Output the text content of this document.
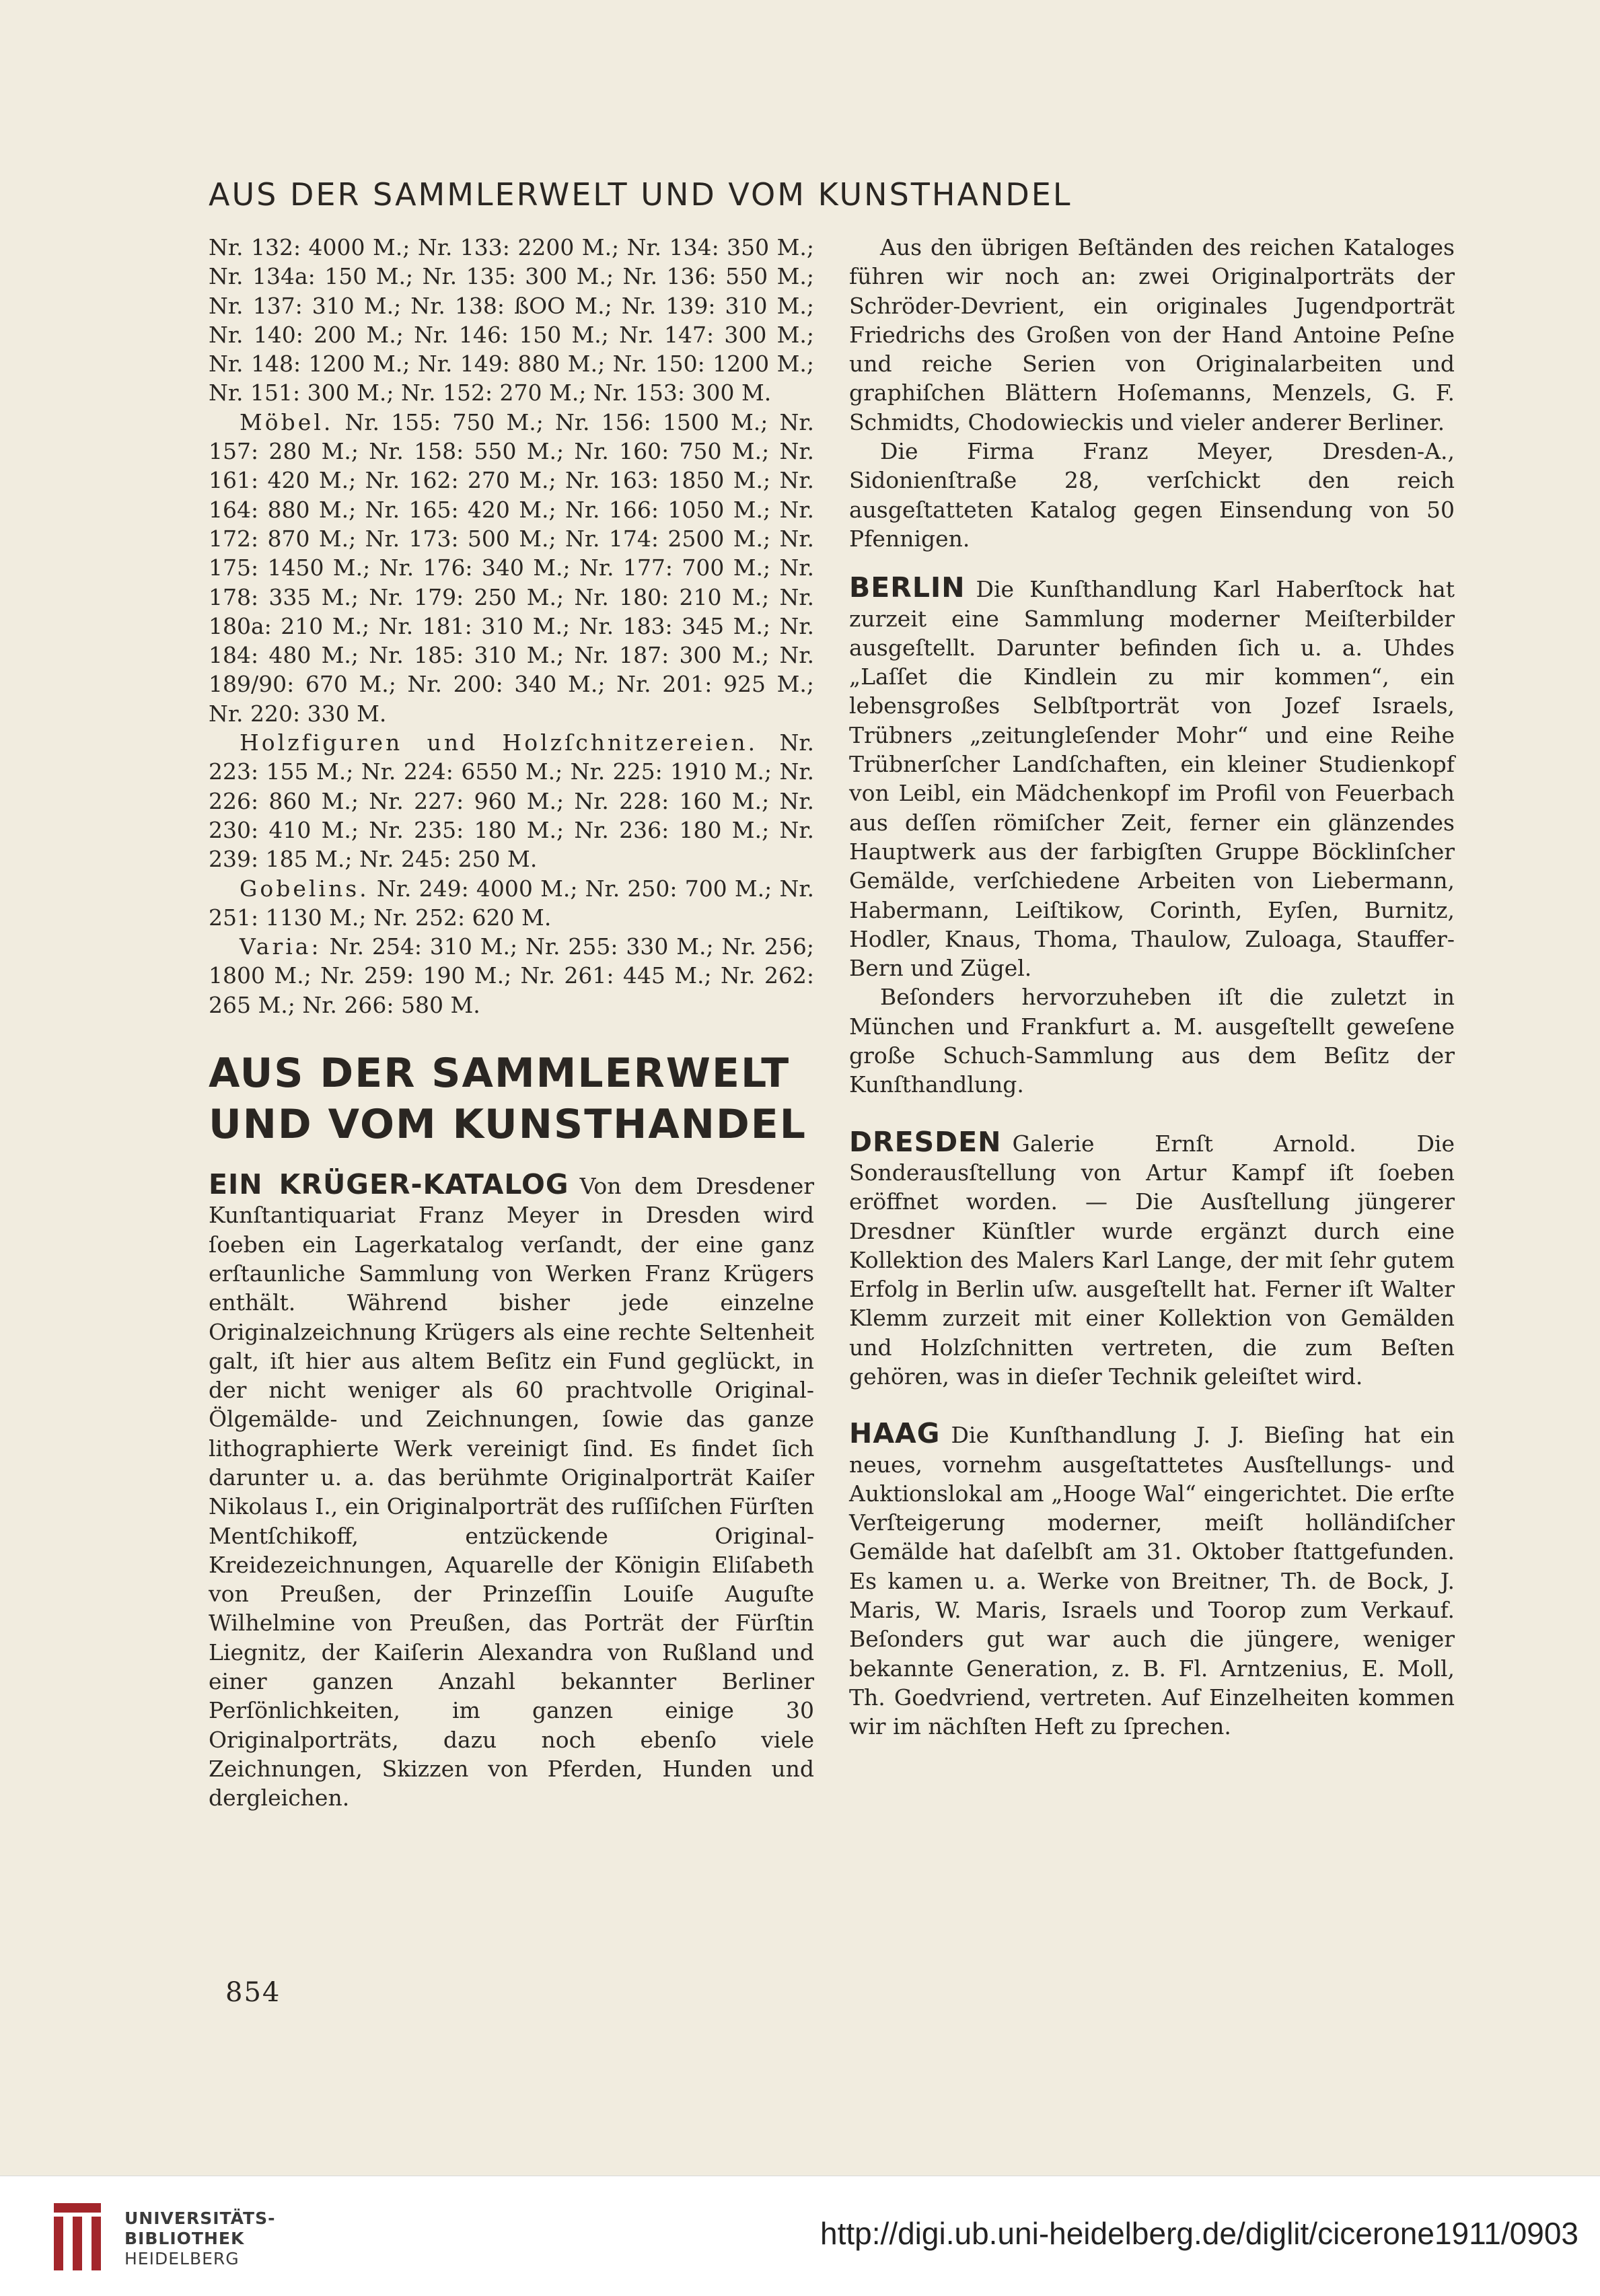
AUS DER SAMMLERWELT UND VOM KUNSTHANDEL

Nr. 132: 4000 M.; Nr. 133: 2200 M.; Nr. 134: 350 M.; Nr. 134a: 150 M.; Nr. 135: 300 M.; Nr. 136: 550 M.; Nr. 137: 310 M.; Nr. 138: ßOO M.; Nr. 139: 310 M.; Nr. 140: 200 M.; Nr. 146: 150 M.; Nr. 147: 300 M.; Nr. 148: 1200 M.; Nr. 149: 880 M.; Nr. 150: 1200 M.; Nr. 151: 300 M.; Nr. 152: 270 M.; Nr. 153: 300 M.

Möbel. Nr. 155: 750 M.; Nr. 156: 1500 M.; Nr. 157: 280 M.; Nr. 158: 550 M.; Nr. 160: 750 M.; Nr. 161: 420 M.; Nr. 162: 270 M.; Nr. 163: 1850 M.; Nr. 164: 880 M.; Nr. 165: 420 M.; Nr. 166: 1050 M.; Nr. 172: 870 M.; Nr. 173: 500 M.; Nr. 174: 2500 M.; Nr. 175: 1450 M.; Nr. 176: 340 M.; Nr. 177: 700 M.; Nr. 178: 335 M.; Nr. 179: 250 M.; Nr. 180: 210 M.; Nr. 180a: 210 M.; Nr. 181: 310 M.; Nr. 183: 345 M.; Nr. 184: 480 M.; Nr. 185: 310 M.; Nr. 187: 300 M.; Nr. 189/90: 670 M.; Nr. 200: 340 M.; Nr. 201: 925 M.; Nr. 220: 330 M.

Holzfiguren und Holzſchnitzereien. Nr. 223: 155 M.; Nr. 224: 6550 M.; Nr. 225: 1910 M.; Nr. 226: 860 M.; Nr. 227: 960 M.; Nr. 228: 160 M.; Nr. 230: 410 M.; Nr. 235: 180 M.; Nr. 236: 180 M.; Nr. 239: 185 M.; Nr. 245: 250 M.

Gobelins. Nr. 249: 4000 M.; Nr. 250: 700 M.; Nr. 251: 1130 M.; Nr. 252: 620 M.

Varia: Nr. 254: 310 M.; Nr. 255: 330 M.; Nr. 256; 1800 M.; Nr. 259: 190 M.; Nr. 261: 445 M.; Nr. 262: 265 M.; Nr. 266: 580 M.

AUS DER SAMMLERWELT
UND VOM KUNSTHANDEL

EIN KRÜGER-KATALOG Von dem Dresdener Kunſtantiquariat Franz Meyer in Dresden wird ſoeben ein Lagerkatalog verſandt, der eine ganz erſtaunliche Sammlung von Werken Franz Krügers enthält. Während bisher jede einzelne Originalzeichnung Krügers als eine rechte Seltenheit galt, iſt hier aus altem Beſitz ein Fund geglückt, in der nicht weniger als 60 prachtvolle Original-Ölgemälde- und Zeichnungen, ſowie das ganze lithographierte Werk vereinigt ſind. Es findet ſich darunter u. a. das berühmte Originalporträt Kaiſer Nikolaus I., ein Originalporträt des ruſſiſchen Fürſten Mentſchikoff, entzückende Original-Kreidezeichnungen, Aquarelle der Königin Eliſabeth von Preußen, der Prinzeſſin Louiſe Auguſte Wilhelmine von Preußen, das Porträt der Fürſtin Liegnitz, der Kaiſerin Alexandra von Rußland und einer ganzen Anzahl bekannter Berliner Perſönlichkeiten, im ganzen einige 30 Originalporträts, dazu noch ebenſo viele Zeichnungen, Skizzen von Pferden, Hunden und dergleichen.

Aus den übrigen Beſtänden des reichen Kataloges führen wir noch an: zwei Originalporträts der Schröder-Devrient, ein originales Jugendporträt Friedrichs des Großen von der Hand Antoine Peſne und reiche Serien von Originalarbeiten und graphiſchen Blättern Hoſemanns, Menzels, G. F. Schmidts, Chodowieckis und vieler anderer Berliner.

Die Firma Franz Meyer, Dresden-A., Sidonienſtraße 28, verſchickt den reich ausgeſtatteten Katalog gegen Einsendung von 50 Pfennigen.

BERLIN Die Kunſthandlung Karl Haberſtock hat zurzeit eine Sammlung moderner Meiſterbilder ausgeſtellt. Darunter befinden ſich u. a. Uhdes „Laſſet die Kindlein zu mir kommen“, ein lebensgroßes Selbſtporträt von Jozef Israels, Trübners „zeitungleſender Mohr“ und eine Reihe Trübnerſcher Landſchaften, ein kleiner Studienkopf von Leibl, ein Mädchenkopf im Profil von Feuerbach aus deſſen römiſcher Zeit, ferner ein glänzendes Hauptwerk aus der farbigſten Gruppe Böcklinſcher Gemälde, verſchiedene Arbeiten von Liebermann, Habermann, Leiſtikow, Corinth, Eyſen, Burnitz, Hodler, Knaus, Thoma, Thaulow, Zuloaga, Stauffer-Bern und Zügel.

Beſonders hervorzuheben iſt die zuletzt in München und Frankfurt a. M. ausgeſtellt geweſene große Schuch-Sammlung aus dem Beſitz der Kunſthandlung.

DRESDEN Galerie Ernſt Arnold. Die Sonderausſtellung von Artur Kampf iſt ſoeben eröffnet worden. — Die Ausſtellung jüngerer Dresdner Künſtler wurde ergänzt durch eine Kollektion des Malers Karl Lange, der mit ſehr gutem Erfolg in Berlin uſw. ausgeſtellt hat. Ferner iſt Walter Klemm zurzeit mit einer Kollektion von Gemälden und Holzſchnitten vertreten, die zum Beſten gehören, was in dieſer Technik geleiſtet wird.

HAAG Die Kunſthandlung J. J. Bieſing hat ein neues, vornehm ausgeſtattetes Ausſtellungs- und Auktionslokal am „Hooge Wal“ eingerichtet. Die erſte Verſteigerung moderner, meiſt holländiſcher Gemälde hat daſelbſt am 31. Oktober ſtattgefunden. Es kamen u. a. Werke von Breitner, Th. de Bock, J. Maris, W. Maris, Israels und Toorop zum Verkauf. Beſonders gut war auch die jüngere, weniger bekannte Generation, z. B. Fl. Arntzenius, E. Moll, Th. Goedvriend, vertreten. Auf Einzelheiten kommen wir im nächſten Heft zu ſprechen.

854
UNIVERSITÄTS-
BIBLIOTHEK
HEIDELBERG
http://digi.ub.uni-heidelberg.de/diglit/cicerone1911/0903
